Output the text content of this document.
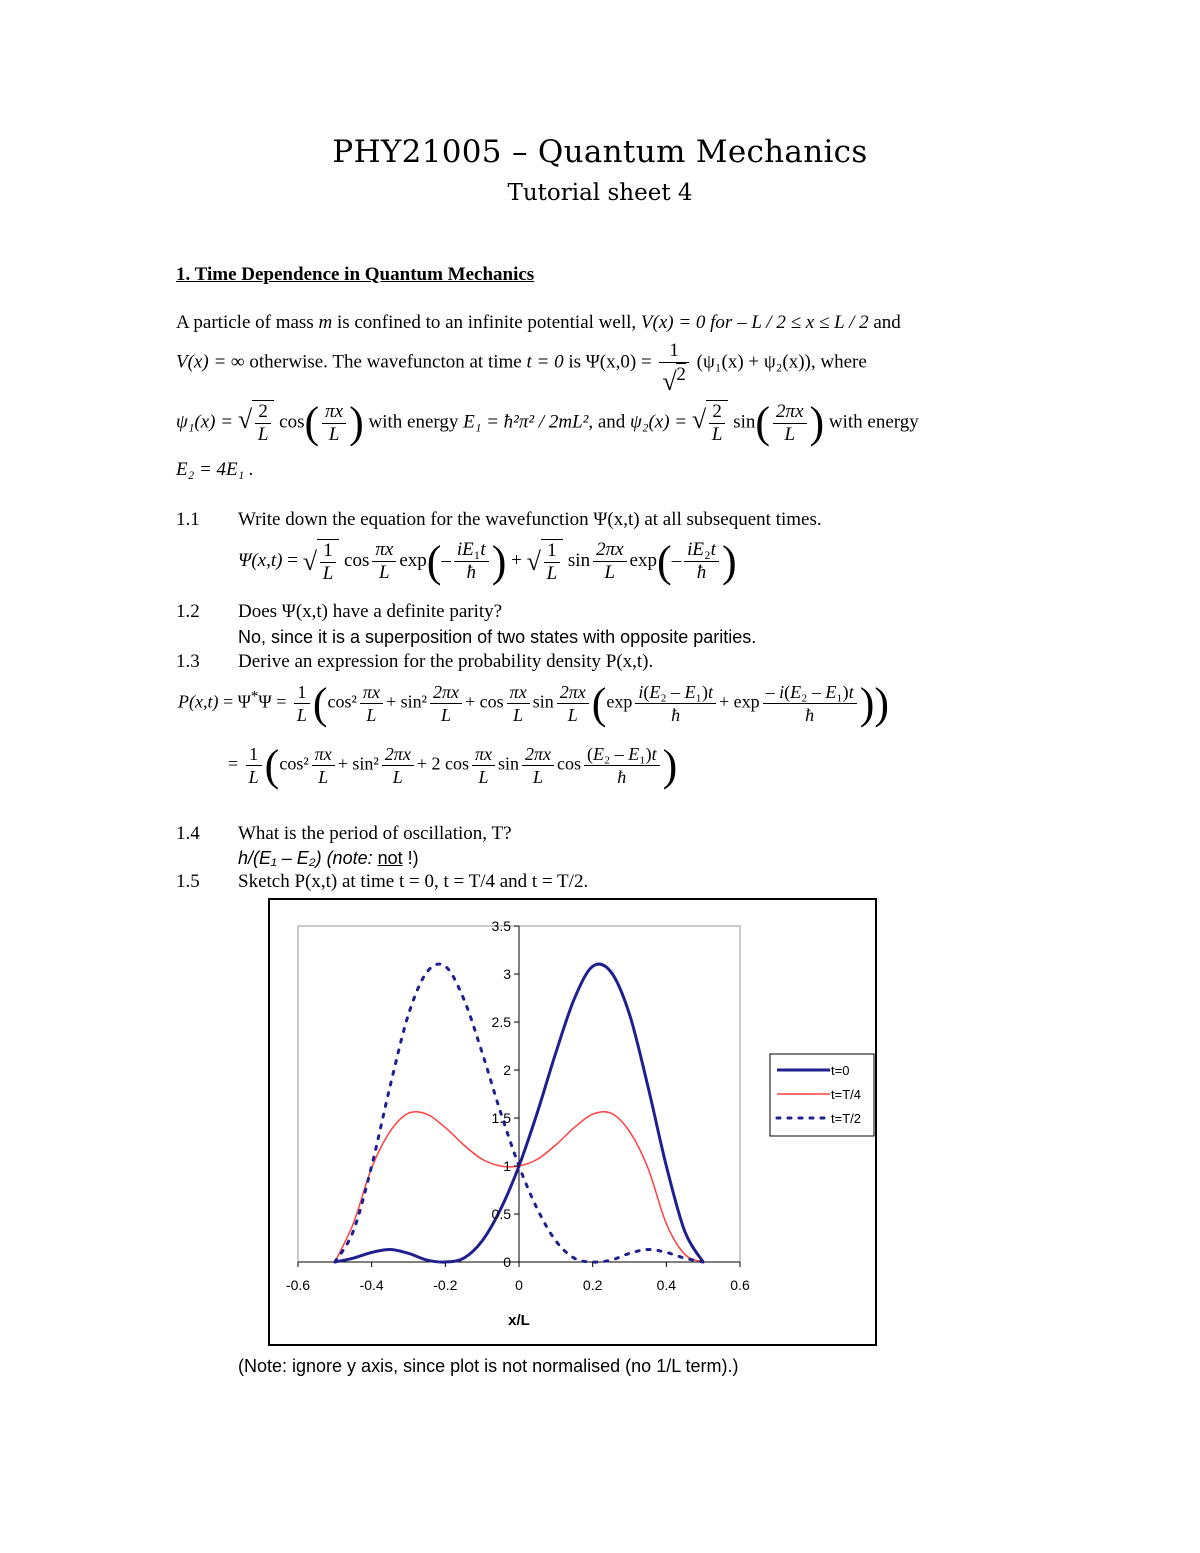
PHY21005 – Quantum Mechanics
Tutorial sheet 4
1. Time Dependence in Quantum Mechanics
A particle of mass m is confined to an infinite potential well, V(x) = 0 for – L / 2 ≤ x ≤ L / 2 and
V(x) = ∞ otherwise. The wavefuncton at time t = 0 is Ψ(x,0) = 1
√ 2 (ψ₁(x) + ψ₂(x)), where
ψ₁(x) = √ $\frac{2}{L} \cos( \frac{\pi x}{L}$ ) with energy E₁ = ħ²π² / 2mL², and ψ₂(x) = √ $\frac{2}{L} \sin( \frac{2\pi x}{L}$ ) with energy
E₂ = 4E₁ .
1.1 Write down the equation for the wavefunction Ψ(x,t) at all subsequent times.
Ψ(x,t) = √ $\frac{1}{L}$ $\cos \frac{\pi x}{L} \exp(- \frac{\text{iE₁t}}{ħ}$ ) + √ $\frac{1}{L}$ $\sin \frac{2\pi x}{L} \exp(- \frac{\text{iE₂t}}{ħ}$ )
1.2 Does Ψ(x,t) have a definite parity?
No, since it is a superposition of two states with opposite parities.
1.3 Derive an expression for the probability density P(x,t).
$P(x,t) = \Psi^*\Psi = \frac{1}{L} (\cos^2 \frac{\pi x}{L} + \sin^2 \frac{2\pi x}{L} + \cos \frac{\pi x}{L}$ $\sin \frac{2\pi x}{L} (\exp \frac{\text{i(E₂ – E₁)t}}{ħ} + \exp \frac{\text{– i(E₂ – E₁)t}}{ħ}$ ))
= $\frac{1}{L} (\cos^2 \frac{\pi x}{L} + \sin^2 \frac{2\pi x}{L} + 2$ $\cos \frac{\pi x}{L}$ $\sin \frac{2\pi x}{L}$ $\cos \frac{\text{(E₂ – E₁)t}}{ħ}$ )
1.4 What is the period of oscillation, T?
h/(E₁ – E₂) (note: not !)
1.5 Sketch P(x,t) at time t = 0, t = T/4 and t = T/2.
-0.6	-0.4	-0.2	0	0.2	0.4	0.6
0
0.5
1
1.5
2
2.5
3
3.5
x/L
t=0
t=T/4
t=T/2
(Note: ignore y axis, since plot is not normalised (no 1/L term).)
